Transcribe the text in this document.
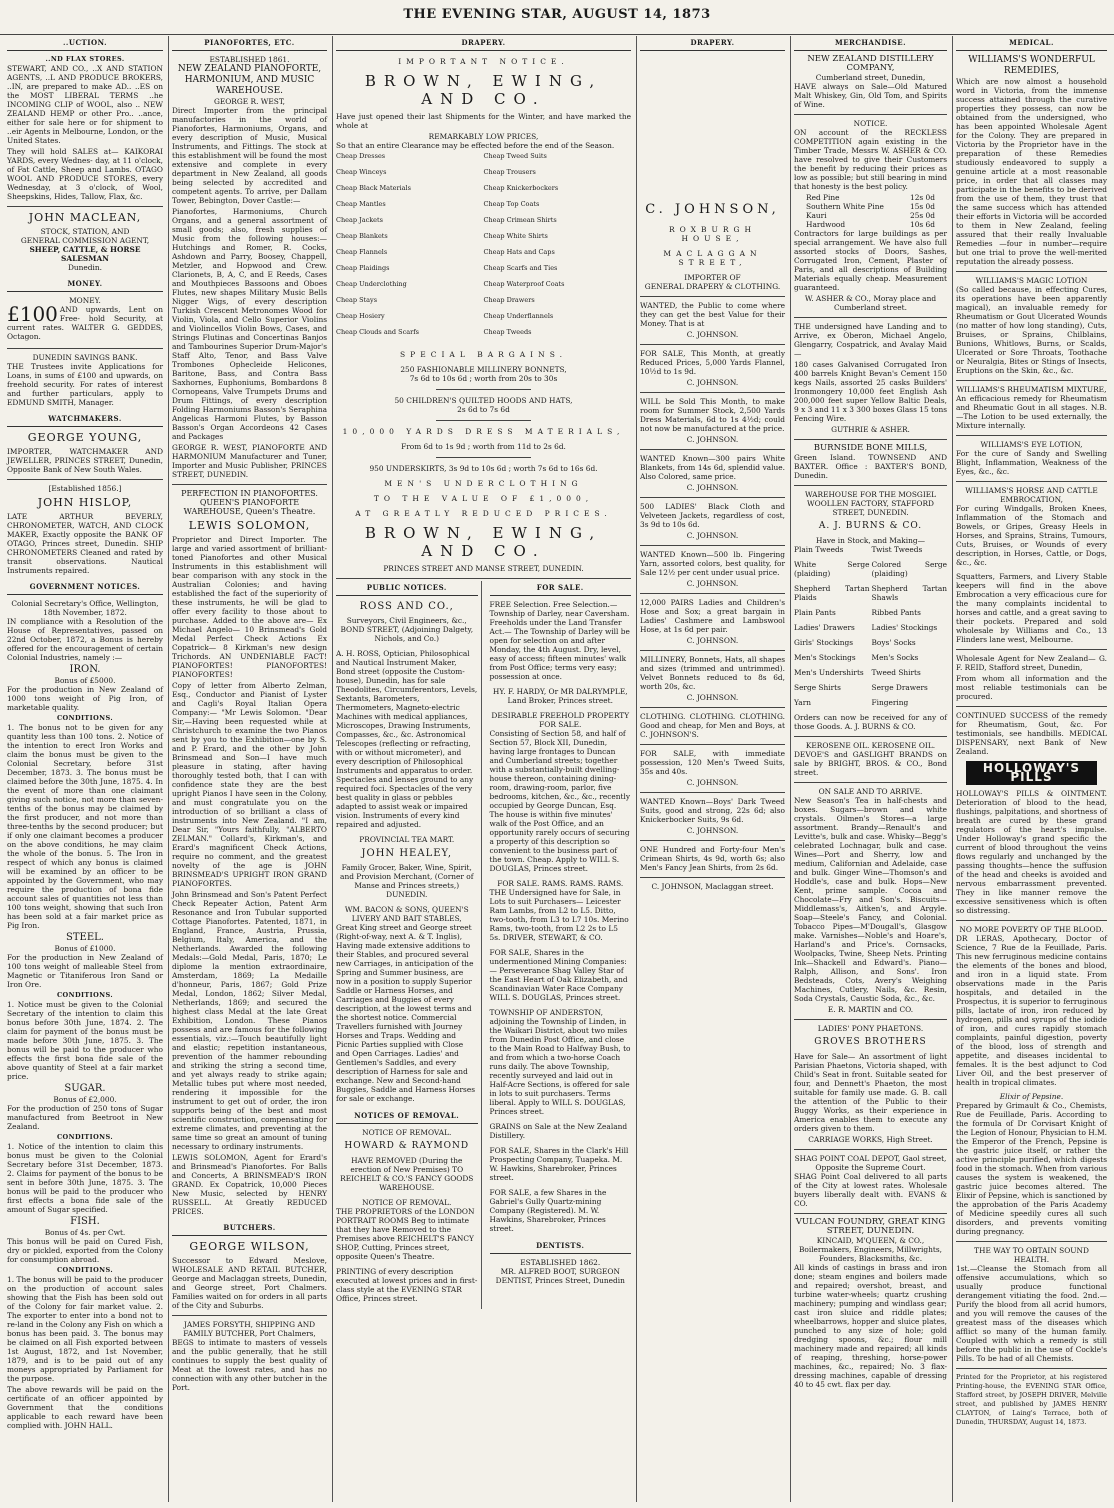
THE EVENING STAR, AUGUST 14, 1873
..UCTION.
..ND FLAX STORES.

STEWART, AND CO., ..X AND STATION AGENTS, ..L AND PRODUCE BROKERS, ..IN, are prepared to make AD.. ..ES on the MOST LIBERAL TERMS ..he INCOMING CLIP of WOOL, also .. NEW ZEALAND HEMP or other Pro.. ..ance, either for sale here or for shipment to ..eir Agents in Melbourne, London, or the United States.

They will hold SALES at— KAIKORAI YARDS, every Wednes- day, at 11 o'clock, of Fat Cattle, Sheep and Lambs. OTAGO WOOL AND PRODUCE STORES, every Wednesday, at 3 o'clock, of Wool, Sheepskins, Hides, Tallow, Flax, &c.

JOHN MACLEAN,
STOCK, STATION, AND
GENERAL COMMISSION AGENT,
SHEEP, CATTLE, & HORSE SALESMAN
Dunedin.
MONEY.
MONEY.

£100 AND upwards, Lent on Free- hold Security, at current rates. WALTER G. GEDDES, Octagon.

DUNEDIN SAVINGS BANK.

THE Trustees invite Applications for Loans, in sums of £100 and upwards, on freehold security. For rates of interest and further particulars, apply to EDMUND SMITH, Manager.

WATCHMAKERS.
GEORGE YOUNG,

IMPORTER, WATCHMAKER AND JEWELLER, PRINCES STREET, Dunedin, Opposite Bank of New South Wales.

[Established 1856.]
JOHN HISLOP,

LATE ARTHUR BEVERLY, CHRONOMETER, WATCH, AND CLOCK MAKER, Exactly opposite the BANK OF OTAGO, Princes street, Dunedin. SHIP CHRONOMETERS Cleaned and rated by transit observations. Nautical Instruments repaired.

GOVERNMENT NOTICES.
Colonial Secretary's Office, Wellington, 18th November, 1872.

IN compliance with a Resolution of the House of Representatives, passed on 22nd October, 1872, a Bonus is hereby offered for the encouragement of certain Colonial Industries, namely :—

IRON.
Bonus of £5000.

For the production in New Zealand of 1000 tons weight of Pig Iron, of marketable quality.

CONDITIONS.

1. The bonus not to be given for any quantity less than 100 tons. 2. Notice of the intention to erect Iron Works and claim the bonus must be given to the Colonial Secretary, before 31st December, 1873. 3. The bonus must be claimed before the 30th June, 1875. 4. In the event of more than one claimant giving such notice, not more than seven-tenths of the bonus may be claimed by the first producer, and not more than three-tenths by the second producer; but if only one claimant becomes a producer on the above conditions, he may claim the whole of the bonus. 5. The Iron in respect of which any bonus is claimed will be examined by an officer to be appointed by the Government, who may require the production of bona fide account sales of quantities not less than 100 tons weight, showing that such Iron has been sold at a fair market price as Pig Iron.

STEEL.
Bonus of £1000.

For the production in New Zealand of 100 tons weight of malleable Steel from Magnetic or Titaniferous Iron Sand or Iron Ore.

CONDITIONS.

1. Notice must be given to the Colonial Secretary of the intention to claim this bonus before 30th June, 1874. 2. The claim for payment of the bonus must be made before 30th June, 1875. 3. The bonus will be paid to the producer who effects the first bona fide sale of the above quantity of Steel at a fair market price.

SUGAR.
Bonus of £2,000.

For the production of 250 tons of Sugar manufactured from Beetroot in New Zealand.

CONDITIONS.

1. Notice of the intention to claim this bonus must be given to the Colonial Secretary before 31st December, 1873. 2. Claims for payment of the bonus to be sent in before 30th June, 1875. 3. The bonus will be paid to the producer who first effects a bona fide sale of the amount of Sugar specified.

FISH.
Bonus of 4s. per Cwt.

This bonus will be paid on Cured Fish, dry or pickled, exported from the Colony for consumption abroad.

CONDITIONS.

1. The bonus will be paid to the producer on the production of account sales showing that the Fish has been sold out of the Colony for fair market value. 2. The exporter to enter into a bond not to re-land in the Colony any Fish on which a bonus has been paid. 3. The bonus may be claimed on all Fish exported between 1st August, 1872, and 1st November, 1879, and is to be paid out of any moneys appropriated by Parliament for the purpose.

The above rewards will be paid on the certificate of an officer appointed by Government that the conditions applicable to each reward have been complied with. JOHN HALL.

PIANOFORTES, ETC.
ESTABLISHED 1861.
NEW ZEALAND PIANOFORTE, HARMONIUM, AND MUSIC WAREHOUSE.
GEORGE R. WEST,

Direct Importer from the principal manufactories in the world of Pianofortes, Harmoniums, Organs, and every description of Music, Musical Instruments, and Fittings. The stock at this establishment will be found the most extensive and complete in every department in New Zealand, all goods being selected by accredited and competent agents. To arrive, per Dallam Tower, Bebington, Dover Castle:—

Pianofortes, Harmoniums, Church Organs, and a general assortment of small goods; also, fresh supplies of Music from the following houses:—Hutchings and Romer, R. Cocks, Ashdown and Parry, Boosey, Chappell, Metzler, and Hopwood and Crew. Clarionets, B, A, C, and E Reeds, Cases and Mouthpieces Bassoons and Oboes Flutes, new shapes Military Music Bells Nigger Wigs, of every description Turkish Crescent Metronomes Wood for Violin, Viola, and Cello Superior Violins and Violincellos Violin Bows, Cases, and Strings Flutinas and Concertinas Banjos and Tambourines Superior Drum-Major's Staff Alto, Tenor, and Bass Valve Trombones Ophecleide Helicones, Baritone, Bass, and Contra Bass Saxhornes, Euphoniums, Bombardons 8 Cornopeans, Valve Trumpets Drums and Drum Fittings, of every description Folding Harmoniums Basson's Seraphina Angelicas Harmoni Flutes, by Basson Basson's Organ Accordeons 42 Cases and Packages

GEORGE R. WEST, PIANOFORTE AND HARMONIUM Manufacturer and Tuner, Importer and Music Publisher, PRINCES STREET, DUNEDIN.

PERFECTION IN PIANOFORTES. QUEEN'S PIANOFORTE WAREHOUSE, Queen's Theatre.
LEWIS SOLOMON,

Proprietor and Direct Importer. The large and varied assortment of brilliant-toned Pianofortes and other Musical Instruments in this establishment will bear comparison with any stock in the Australian Colonies; and having established the fact of the superiority of these instruments, he will be glad to offer every facility to those about to purchase. Added to the above are— Ex Michael Angelo— 10 Brinsmead's Gold Medal Perfect Check Actions Ex Copatrick— 8 Kirkman's new design Trichords. AN UNDENIABLE FACT! PIANOFORTES! PIANOFORTES! PIANOFORTES!

Copy of letter from Alberto Zelman, Esq., Conductor and Pianist of Lyster and Cagli's Royal Italian Opera Company:— "Mr Lewis Solomon. "Dear Sir,—Having been requested while at Christchurch to examine the two Pianos sent by you to the Exhibition—one by S. and P. Erard, and the other by John Brinsmead and Son—I have much pleasure in stating, after having thoroughly tested both, that I can with confidence state they are the best upright Pianos I have seen in the Colony, and must congratulate you on the introduction of so brilliant a class of instruments into New Zealand. "I am, Dear Sir, "Yours faithfully, "ALBERTO ZELMAN." Collard's, Kirkman's, and Erard's magnificent Check Actions, require no comment, and the greatest novelty of the age is JOHN BRINSMEAD'S UPRIGHT IRON GRAND PIANOFORTES.

John Brinsmead and Son's Patent Perfect Check Repeater Action, Patent Arm Resonance and Iron Tubular supported Cottage Pianofortes. Patented, 1871, in England, France, Austria, Prussia, Belgium, Italy, America, and the Netherlands. Awarded the following Medals:—Gold Medal, Paris, 1870; Le diplome la mention extraordinaire, Amsterdam, 1869; La Medaille d'honneur, Paris, 1867; Gold Prize Medal, London, 1862; Silver Medal, Netherlands, 1869; and secured the highest class Medal at the late Great Exhibition, London. These Pianos possess and are famous for the following essentials, viz.:—Touch beautifully light and elastic; repetition instantaneous, prevention of the hammer rebounding and striking the string a second time, and yet always ready to strike again; Metallic tubes put where most needed, rendering it impossible for the instrument to get out of order, the iron supports being of the best and most scientific construction, compensating for extreme climates, and preventing at the same time so great an amount of tuning necessary to ordinary instruments.

LEWIS SOLOMON, Agent for Erard's and Brinsmead's Pianofortes. For Balls and Concerts, A BRINSMEAD'S IRON GRAND. Ex Copatrick, 10,000 Pieces New Music, selected by HENRY RUSSELL. At Greatly REDUCED PRICES.

BUTCHERS.
GEORGE WILSON,

Successor to Edward Meslove, WHOLESALE AND RETAIL BUTCHER, George and Maclaggan streets, Dunedin, and George street, Port Chalmers. Families waited on for orders in all parts of the City and Suburbs.

JAMES FORSYTH, SHIPPING AND FAMILY BUTCHER, Port Chalmers,

BEGS to intimate to masters of vessels and the public generally, that he still continues to supply the best quality of Meat at the lowest rates, and has no connection with any other butcher in the Port.

DRAPERY.
IMPORTANT NOTICE.
BROWN, EWING, AND CO.

Have just opened their last Shipments for the Winter, and have marked the whole at

REMARKABLY LOW PRICES,

So that an entire Clearance may be effected before the end of the Season.

Cheap Dresses

Cheap Winceys

Cheap Black Materials

Cheap Mantles

Cheap Jackets

Cheap Blankets

Cheap Flannels

Cheap Plaidings

Cheap Underclothing

Cheap Stays

Cheap Hosiery

Cheap Clouds and Scarfs

Cheap Tweed Suits

Cheap Trousers

Cheap Knickerbockers

Cheap Top Coats

Cheap Crimean Shirts

Cheap White Shirts

Cheap Hats and Caps

Cheap Scarfs and Ties

Cheap Waterproof Coats

Cheap Drawers

Cheap Underflannels

Cheap Tweeds

SPECIAL BARGAINS.
250 FASHIONABLE MILLINERY BONNETS,
7s 6d to 10s 6d ; worth from 20s to 30s
50 CHILDREN'S QUILTED HOODS AND HATS,
2s 6d to 7s 6d
10,000 YARDS DRESS MATERIALS,
From 6d to 1s 9d ; worth from 11d to 2s 6d.
950 UNDERSKIRTS, 3s 9d to 10s 6d ; worth 7s 6d to 16s 6d.
MEN'S UNDERCLOTHING
TO THE VALUE OF £1,000,
AT GREATLY REDUCED PRICES.
BROWN, EWING, AND CO.
PRINCES STREET AND MANSE STREET, DUNEDIN.
PUBLIC NOTICES.
ROSS AND CO.,

Surveyors, Civil Engineers, &c., BOND STREET, (Adjoining Dalgety, Nichols, and Co.)

A. H. ROSS, Optician, Philosophical and Nautical Instrument Maker, Bond street (opposite the Custom-house), Dunedin, has for sale Theodolites, Circumferentors, Levels, Sextants, Barometers, Thermometers, Magneto-electric Machines with medical appliances, Microscopes, Drawing Instruments, Compasses, &c., &c. Astronomical Telescopes (reflecting or refracting, with or without micrometer), and every description of Philosophical Instruments and apparatus to order. Spectacles and lenses ground to any required foci. Spectacles of the very best quality in glass or pebbles adapted to assist weak or impaired vision. Instruments of every kind repaired and adjusted.

PROVINCIAL TEA MART.
JOHN HEALEY,

Family Grocer, Baker, Wine, Spirit, and Provision Merchant, (Corner of Manse and Princes streets,) DUNEDIN.

WM. BACON & SONS, QUEEN'S LIVERY AND BAIT STABLES,

Great King street and George street (Right-of-way, next A. & T. Inglis), Having made extensive additions to their Stables, and procured several new Carriages, in anticipation of the Spring and Summer business, are now in a position to supply Superior Saddle or Harness Horses, and Carriages and Buggies of every description, at the lowest terms and the shortest notice. Commercial Travellers furnished with Journey Horses and Traps. Wedding and Picnic Parties supplied with Close and Open Carriages. Ladies' and Gentlemen's Saddles, and every description of Harness for sale and exchange. New and Second-hand Buggies, Saddle and Harness Horses for sale or exchange.

NOTICES OF REMOVAL.
NOTICE OF REMOVAL.
HOWARD & RAYMOND

HAVE REMOVED (During the erection of New Premises) TO REICHELT & CO.'S FANCY GOODS WAREHOUSE.

NOTICE OF REMOVAL.

THE PROPRIETORS of the LONDON PORTRAIT ROOMS Beg to intimate that they have Removed to the Premises above REICHELT'S FANCY SHOP, Cutting, Princes street, opposite Queen's Theatre.

PRINTING of every description executed at lowest prices and in first-class style at the EVENING STAR Office, Princes street.

FOR SALE.

FREE Selection. Free Selection.— Township of Darley, near Caversham. Freeholds under the Land Transfer Act.— The Township of Darley will be open for selection on and after Monday, the 4th August. Dry, level, easy of access; fifteen minutes' walk from Post Office; terms very easy; possession at once.

HY. F. HARDY, Or MR DALRYMPLE, Land Broker, Princes street.

DESIRABLE FREEHOLD PROPERTY FOR SALE.

Consisting of Section 58, and half of Section 57, Block XII, Dunedin, having large frontages to Duncan and Cumberland streets; together with a substantially-built dwelling-house thereon, containing dining-room, drawing-room, parlor, five bedrooms, kitchen, &c., &c., recently occupied by George Duncan, Esq. The house is within five minutes' walk of the Post Office, and an opportunity rarely occurs of securing a property of this description so convenient to the business part of the town. Cheap. Apply to WILL S. DOUGLAS, Princes street.

FOR SALE. RAMS. RAMS. RAMS.

THE Undersigned have for Sale, in Lots to suit Purchasers— Leicester Ram Lambs, from L2 to L5. Ditto, two-tooth, from L3 to L7 10s. Merino Rams, two-tooth, from L2 2s to L5 5s. DRIVER, STEWART, & CO.

FOR SALE, Shares in the undermentioned Mining Companies:— Perseverance Shag Valley Star of the East Heart of Oak Elizabeth, and Scandinavian Water Race Company WILL S. DOUGLAS, Princes street.

TOWNSHIP OF ANDERSTON, adjoining the Township of Linden, in the Waikari District, about two miles from Dunedin Post Office, and close to the Main Road to Halfway Bush, to and from which a two-horse Coach runs daily. The above Township, recently surveyed and laid out in Half-Acre Sections, is offered for sale in lots to suit purchasers. Terms liberal. Apply to WILL S. DOUGLAS, Princes street.

GRAINS on Sale at the New Zealand Distillery.

FOR SALE, Shares in the Clark's Hill Prospecting Company, Tuapeka. M. W. Hawkins, Sharebroker, Princes street.

FOR SALE, a few Shares in the Gabriel's Gully Quartz-mining Company (Registered). M. W. Hawkins, Sharebroker, Princes street.

DENTISTS.
ESTABLISHED 1862.
MR. ALFRED BOOT, SURGEON DENTIST, Princes Street, Dunedin
DRAPERY.
C. JOHNSON,
ROXBURGH HOUSE,
MACLAGGAN STREET,
IMPORTER OF
GENERAL DRAPERY & CLOTHING.

WANTED, the Public to come where they can get the best Value for their Money. That is at

C. JOHNSON.

FOR SALE, This Month, at greatly Reduced Prices, 5,000 Yards Flannel, 10½d to 1s 9d.

C. JOHNSON.

WILL be Sold This Month, to make room for Summer Stock, 2,500 Yards Dress Materials, 6d to 1s 4½d; could not now be manufactured at the price.

C. JOHNSON.

WANTED Known—300 pairs White Blankets, from 14s 6d, splendid value. Also Colored, same price.

C. JOHNSON.

500 LADIES' Black Cloth and Velveteen Jackets, regardless of cost, 3s 9d to 10s 6d.

C. JOHNSON.

WANTED Known—500 lb. Fingering Yarn, assorted colors, best quality, for Sale 12½ per cent under usual price.

C. JOHNSON.

12,000 PAIRS Ladies and Children's Hose and Sox; a great bargain in Ladies' Cashmere and Lambswool Hose, at 1s 6d per pair.

C. JOHNSON.

MILLINERY, Bonnets, Hats, all shapes and sizes (trimmed and untrimmed). Velvet Bonnets reduced to 8s 6d, worth 20s, &c.

C. JOHNSON.

CLOTHING. CLOTHING. CLOTHING. Good and cheap, for Men and Boys, at C. JOHNSON'S.

FOR SALE, with immediate possession, 120 Men's Tweed Suits, 35s and 40s.

C. JOHNSON.

WANTED Known—Boys' Dark Tweed Suits, good and strong, 22s 6d; also Knickerbocker Suits, 9s 6d.

C. JOHNSON.

ONE Hundred and Forty-four Men's Crimean Shirts, 4s 9d, worth 6s; also Men's Fancy Jean Shirts, from 2s 6d.

C. JOHNSON, Maclaggan street.
MERCHANDISE.
NEW ZEALAND DISTILLERY COMPANY,
Cumberland street, Dunedin,

HAVE always on Sale—Old Matured Malt Whiskey, Gin, Old Tom, and Spirits of Wine.

NOTICE.

ON account of the RECKLESS COMPETITION again existing in the Timber Trade, Messrs W. ASHER & CO. have resolved to give their Customers the benefit by reducing their prices as low as possible; but still bearing in mind that honesty is the best policy.

Red Pine	12s 0d
Southern White Pine	15s 0d
Kauri	25s 0d
Hardwood	10s 6d

Contractors for large buildings as per special arrangement. We have also full assorted stocks of Doors, Sashes, Corrugated Iron, Cement, Plaster of Paris, and all descriptions of Building Materials equally cheap. Measurement guaranteed.

W. ASHER & CO., Moray place and Cumberland street.

THE undersigned have Landing and to Arrive, ex Oberon, Michael Angelo, Glengarry, Cospatrick, and Avalay Maid—

180 cases Galvanised Corrugated Iron 400 barrels Knight Bevan's Cement 150 kegs Nails, assorted 25 casks Builders' Ironmongery 10,000 feet English Ash 200,000 feet super Yellow Baltic Deals, 9 x 3 and 11 x 3 300 boxes Glass 15 tons Fencing Wire.

GUTHRIE & ASHER.
BURNSIDE BONE MILLS,

Green Island. TOWNSEND AND BAXTER. Office : BAXTER'S BOND, Dunedin.

WAREHOUSE FOR THE MOSGIEL WOOLLEN FACTORY, STAFFORD STREET, DUNEDIN.
A. J. BURNS & CO.
Have in Stock, and Making—

Plain Tweeds

White Serge (plaiding)

Shepherd Tartan Plaids

Plain Pants

Ladies' Drawers

Girls' Stockings

Men's Stockings

Men's Undershirts

Serge Shirts

Yarn

Twist Tweeds

Colored Serge (plaiding)

Shepherd Tartan Shawls

Ribbed Pants

Ladies' Stockings

Boys' Socks

Men's Socks

Tweed Shirts

Serge Drawers

Fingering

Orders can now be received for any of those Goods. A. J. BURNS & CO.

KEROSENE OIL. KEROSENE OIL.

DEVOE'S and GASLIGHT BRANDS on sale by BRIGHT, BROS. & CO., Bond street.

ON SALE AND TO ARRIVE.

New Season's Tea in half-chests and boxes. Sugars—brown and white crystals. Oilmen's Stores—a large assortment. Brandy—Renault's and Levitte's, bulk and case. Whisky—Begg's celebrated Lochnagar, bulk and case. Wines—Port and Sherry, low and medium, Californian and Adelaide, case and bulk. Ginger Wine—Thomson's and Hoddle's, case and bulk. Hops—New Kent, prime sample. Cocoa and Chocolate—Fry and Son's. Biscuits—Middlemass's, Aitken's, and Argyle. Soap—Steele's Fancy, and Colonial. Tobacco Pipes—M'Dougall's, Glasgow make. Varnishes—Noble's and Hoare's, Harland's and Price's. Cornsacks, Woolpacks, Twine, Sheep Nets. Printing Ink—Shackell and Edward's. Piano—Ralph, Allison, and Sons'. Iron Bedsteads, Cots, Avery's Weighing Machines, Cutlery, Nails, &c. Resin, Soda Crystals, Caustic Soda, &c., &c.

E. R. MARTIN and CO.
LADIES' PONY PHAETONS.
GROVES BROTHERS

Have for Sale— An assortment of light Parisian Phaetons, Victoria shaped, with Child's Seat in front. Suitable seated for four, and Dennett's Phaeton, the most suitable for family use made. G. B. call the attention of the Public to their Buggy Works, as their experience in America enables them to execute any orders given to them.

CARRIAGE WORKS, High Street.
SHAG POINT COAL DEPOT, Gaol street, Opposite the Supreme Court.

SHAG Point Coal delivered to all parts of the City at lowest rates. Wholesale buyers liberally dealt with. EVANS & CO.

VULCAN FOUNDRY, GREAT KING STREET, DUNEDIN.
KINCAID, M'QUEEN, & CO., Boilermakers, Engineers, Millwrights, Founders, Blacksmiths, &c.

All kinds of castings in brass and iron done; steam engines and boilers made and repaired; overshot, breast, and turbine water-wheels; quartz crushing machinery; pumping and windlass gear; cast iron sluice and riddle plates; wheelbarrows, hopper and sluice plates, punched to any size of hole; gold dredging spoons, &c.; flour mill machinery made and repaired; all kinds of reaping, threshing, horse-power machines, &c., repaired; No. 3 flax-dressing machines, capable of dressing 40 to 45 cwt. flax per day.

MEDICAL.
WILLIAMS'S WONDERFUL REMEDIES,

Which are now almost a household word in Victoria, from the immense success attained through the curative properties they possess, can now be obtained from the undersigned, who has been appointed Wholesale Agent for the Colony. They are prepared in Victoria by the Proprietor have in the preparation of these Remedies studiously endeavored to supply a genuine article at a most reasonable price, in order that all classes may participate in the benefits to be derived from the use of them, they trust that the same success which has attended their efforts in Victoria will be accorded to them in New Zealand, feeling assured that their really Invaluable Remedies —four in number—require but one trial to prove the well-merited reputation the already possess.

WILLIAMS'S MAGIC LOTION

(So called because, in effecting Cures, its operations have been apparently magical), an invaluable remedy for Rheumatism or Gout Ulcerated Wounds (no matter of how long standing), Cuts, Bruises, or Sprains, Chilblains, Bunions, Whitlows, Burns, or Scalds, Ulcerated or Sore Throats, Toothache or Neuralgia, Bites or Stings of Insects, Eruptions on the Skin, &c., &c.

WILLIAMS'S RHEUMATISM MIXTURE,

An efficacious remedy for Rheumatism and Rheumatic Gout in all stages. N.B.—The Lotion to be used externally, the Mixture internally.

WILLIAMS'S EYE LOTION,

For the cure of Sandy and Swelling Blight, Inflammation, Weakness of the Eyes, &c., &c.

WILLIAMS'S HORSE AND CATTLE EMBROCATION,

For curing Windgalls, Broken Knees, Inflammation of the Stomach and Bowels, or Gripes, Greasy Heels in Horses, and Sprains, Strains, Tumours, Cuts, Bruises, or Wounds of every description, in Horses, Cattle, or Dogs, &c., &c.

Squatters, Farmers, and Livery Stable keepers will find in the above Embrocation a very efficacious cure for the many complaints incidental to horses and cattle, and a great saving to their pockets. Prepared and sold wholesale by Williams and Co., 13 Flinders lane west, Melbourne.

Wholesale Agent for New Zealand— G. F. REID, Stafford street, Dunedin,

From whom all information and the most reliable testimonials can be procured.

CONTINUED SUCCESS of the remedy for Rheumatism, Gout, &c. For testimonials, see handbills. MEDICAL DISPENSARY, next Bank of New Zealand.

HOLLOWAY'S PILLS

HOLLOWAY'S PILLS & OINTMENT. Deterioration of blood to the head, flushings, palpitations, and shortness of breath are cured by these grand regulators of the heart's impulse. Under Holloway's grand specific the current of blood throughout the veins flows regularly and unchanged by the passing thoughts—hence the suffusion of the head and cheeks is avoided and nervous embarrassment prevented. They in like manner remove the excessive sensitiveness which is often so distressing.

NO MORE POVERTY OF THE BLOOD.

DR LERAS, Apothecary, Doctor of Science, 7 Rue de la Feuillade, Paris. This new ferruginous medicine contains the elements of the bones and blood, and iron in a liquid state. From observations made in the Paris hospitals, and detailed in the Prospectus, it is superior to ferruginous pills, lactate of iron, iron reduced by hydrogen, pills and syrups of the iodide of iron, and cures rapidly stomach complaints, painful digestion, poverty of the blood, loss of strength and appetite, and diseases incidental to females. It is the best adjunct to Cod Liver Oil, and the best preserver of health in tropical climates.

Elixir of Pepsine.

Prepared by Grimault & Co., Chemists, Rue de Feuillade, Paris. According to the formula of Dr Corvisart Knight of the Legion of Honour, Physician to H.M. the Emperor of the French, Pepsine is the gastric juice itself, or rather the active principle purified, which digests food in the stomach. When from various causes the system is weakened, the gastric juice becomes altered. The Elixir of Pepsine, which is sanctioned by the approbation of the Paris Academy of Medicine speedily cures all such disorders, and prevents vomiting during pregnancy.

THE WAY TO OBTAIN SOUND HEALTH.

1st.—Cleanse the Stomach from all offensive accumulations, which so usually produce functional derangement vitiating the food. 2nd.—Purify the blood from all acrid humors, and you will remove the causes of the greatest mass of the diseases which afflict so many of the human family. Coupled with which a remedy is still before the public in the use of Cockle's Pills. To be had of all Chemists.

Printed for the Proprietor, at his registered Printing-house, the EVENING STAR Office, Stafford street, by JOSEPH DRIVER, Melville street, and published by JAMES HENRY CLAYTON, of Laing's Terrace, both of Dunedin, THURSDAY, August 14, 1873.
